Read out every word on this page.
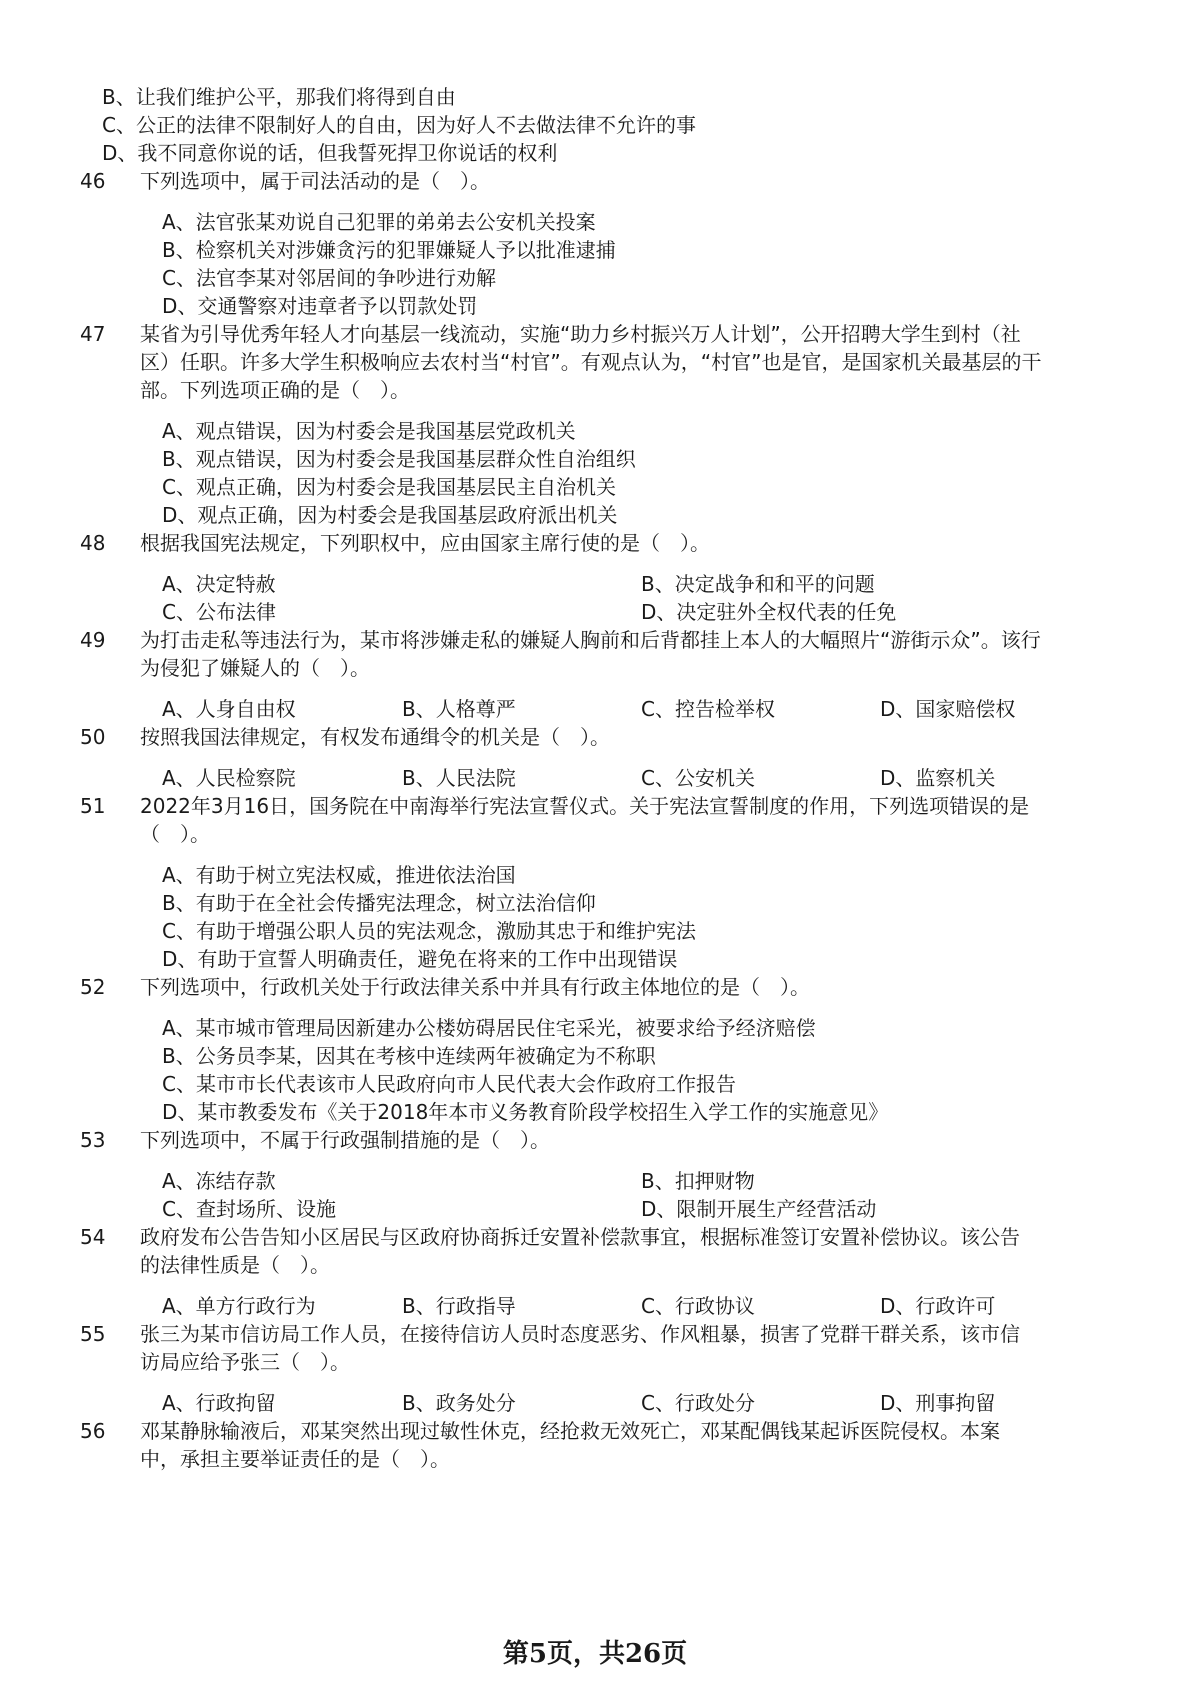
B、让我们维护公平，那我们将得到自由
C、公正的法律不限制好人的自由，因为好人不去做法律不允许的事
D、我不同意你说的话，但我誓死捍卫你说话的权利
46 下列选项中，属于司法活动的是（　）。
A、法官张某劝说自己犯罪的弟弟去公安机关投案
B、检察机关对涉嫌贪污的犯罪嫌疑人予以批准逮捕
C、法官李某对邻居间的争吵进行劝解
D、交通警察对违章者予以罚款处罚
47 某省为引导优秀年轻人才向基层一线流动，实施“助力乡村振兴万人计划”，公开招聘大学生到村（社
区）任职。许多大学生积极响应去农村当“村官”。有观点认为，“村官”也是官，是国家机关最基层的干
部。下列选项正确的是（　）。
A、观点错误，因为村委会是我国基层党政机关
B、观点错误，因为村委会是我国基层群众性自治组织
C、观点正确，因为村委会是我国基层民主自治机关
D、观点正确，因为村委会是我国基层政府派出机关
48 根据我国宪法规定，下列职权中，应由国家主席行使的是（　）。
A、决定特赦	B、决定战争和和平的问题
C、公布法律	D、决定驻外全权代表的任免
49 为打击走私等违法行为，某市将涉嫌走私的嫌疑人胸前和后背都挂上本人的大幅照片“游街示众”。该行
为侵犯了嫌疑人的（　）。
A、人身自由权	B、人格尊严	C、控告检举权	D、国家赔偿权
50 按照我国法律规定，有权发布通缉令的机关是（　）。
A、人民检察院	B、人民法院	C、公安机关	D、监察机关
51 2022年3月16日，国务院在中南海举行宪法宣誓仪式。关于宪法宣誓制度的作用，下列选项错误的是
（　）。
A、有助于树立宪法权威，推进依法治国
B、有助于在全社会传播宪法理念，树立法治信仰
C、有助于增强公职人员的宪法观念，激励其忠于和维护宪法
D、有助于宣誓人明确责任，避免在将来的工作中出现错误
52 下列选项中，行政机关处于行政法律关系中并具有行政主体地位的是（　）。
A、某市城市管理局因新建办公楼妨碍居民住宅采光，被要求给予经济赔偿
B、公务员李某，因其在考核中连续两年被确定为不称职
C、某市市长代表该市人民政府向市人民代表大会作政府工作报告
D、某市教委发布《关于2018年本市义务教育阶段学校招生入学工作的实施意见》
53 下列选项中，不属于行政强制措施的是（　）。
A、冻结存款	B、扣押财物
C、查封场所、设施	D、限制开展生产经营活动
54 政府发布公告告知小区居民与区政府协商拆迁安置补偿款事宜，根据标准签订安置补偿协议。该公告
的法律性质是（　）。
A、单方行政行为	B、行政指导	C、行政协议	D、行政许可
55 张三为某市信访局工作人员，在接待信访人员时态度恶劣、作风粗暴，损害了党群干群关系，该市信
访局应给予张三（　）。
A、行政拘留	B、政务处分	C、行政处分	D、刑事拘留
56 邓某静脉输液后，邓某突然出现过敏性休克，经抢救无效死亡，邓某配偶钱某起诉医院侵权。本案
中，承担主要举证责任的是（　）。
第5页，共26页
